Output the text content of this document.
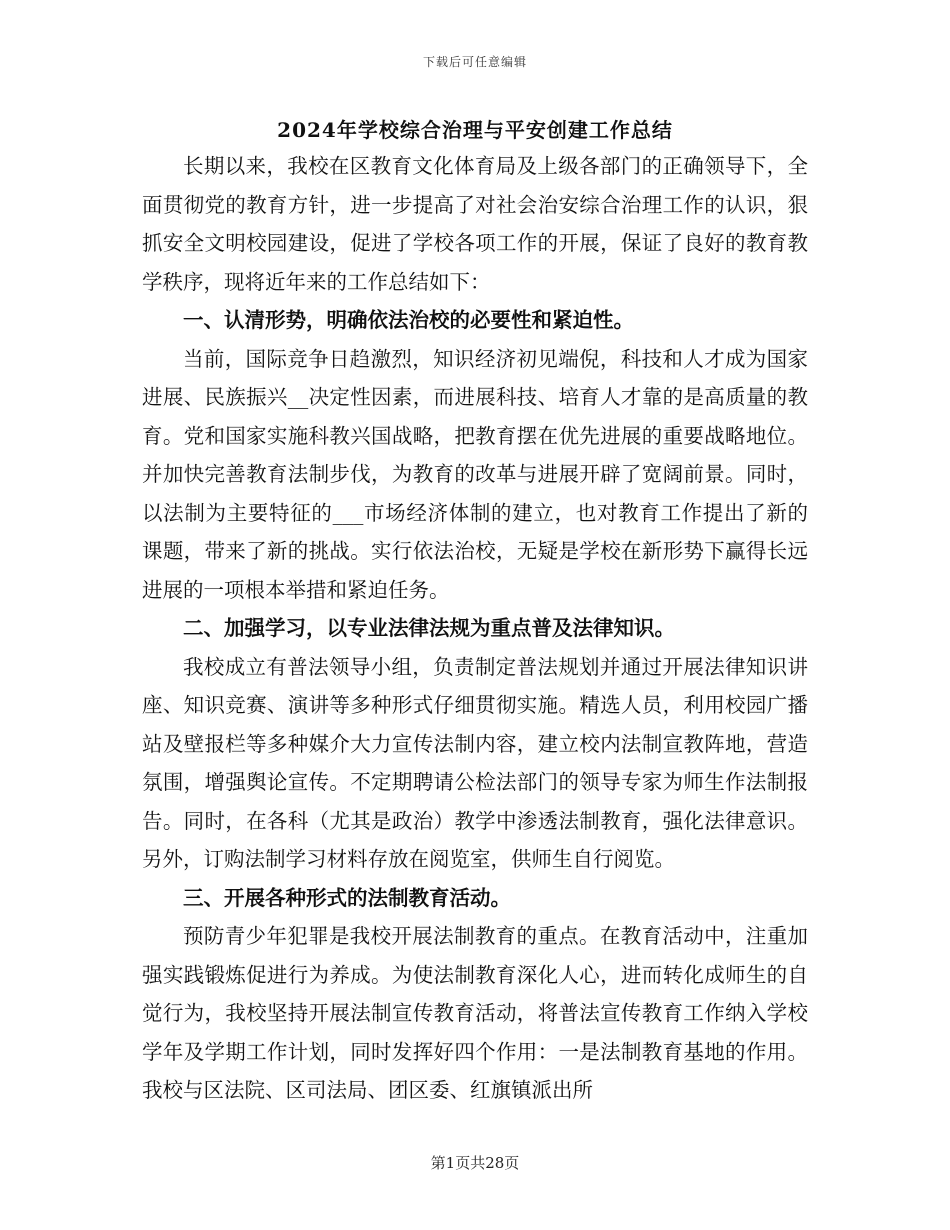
下载后可任意编辑
2024年学校综合治理与平安创建工作总结

长期以来，我校在区教育文化体育局及上级各部门的正确领导下，全面贯彻党的教育方针，进一步提高了对社会治安综合治理工作的认识，狠抓安全文明校园建设，促进了学校各项工作的开展，保证了良好的教育教学秩序，现将近年来的工作总结如下：

一、认清形势，明确依法治校的必要性和紧迫性。

当前，国际竞争日趋激烈，知识经济初见端倪，科技和人才成为国家进展、民族振兴__决定性因素，而进展科技、培育人才靠的是高质量的教育。党和国家实施科教兴国战略，把教育摆在优先进展的重要战略地位。并加快完善教育法制步伐，为教育的改革与进展开辟了宽阔前景。同时，以法制为主要特征的___市场经济体制的建立，也对教育工作提出了新的课题，带来了新的挑战。实行依法治校，无疑是学校在新形势下赢得长远进展的一项根本举措和紧迫任务。

二、加强学习，以专业法律法规为重点普及法律知识。

我校成立有普法领导小组，负责制定普法规划并通过开展法律知识讲座、知识竞赛、演讲等多种形式仔细贯彻实施。精选人员，利用校园广播站及壁报栏等多种媒介大力宣传法制内容，建立校内法制宣教阵地，营造氛围，增强舆论宣传。不定期聘请公检法部门的领导专家为师生作法制报告。同时，在各科（尤其是政治）教学中渗透法制教育，强化法律意识。另外，订购法制学习材料存放在阅览室，供师生自行阅览。

三、开展各种形式的法制教育活动。

预防青少年犯罪是我校开展法制教育的重点。在教育活动中，注重加强实践锻炼促进行为养成。为使法制教育深化人心，进而转化成师生的自觉行为，我校坚持开展法制宣传教育活动，将普法宣传教育工作纳入学校学年及学期工作计划，同时发挥好四个作用：一是法制教育基地的作用。我校与区法院、区司法局、团区委、红旗镇派出所

第1页共28页
